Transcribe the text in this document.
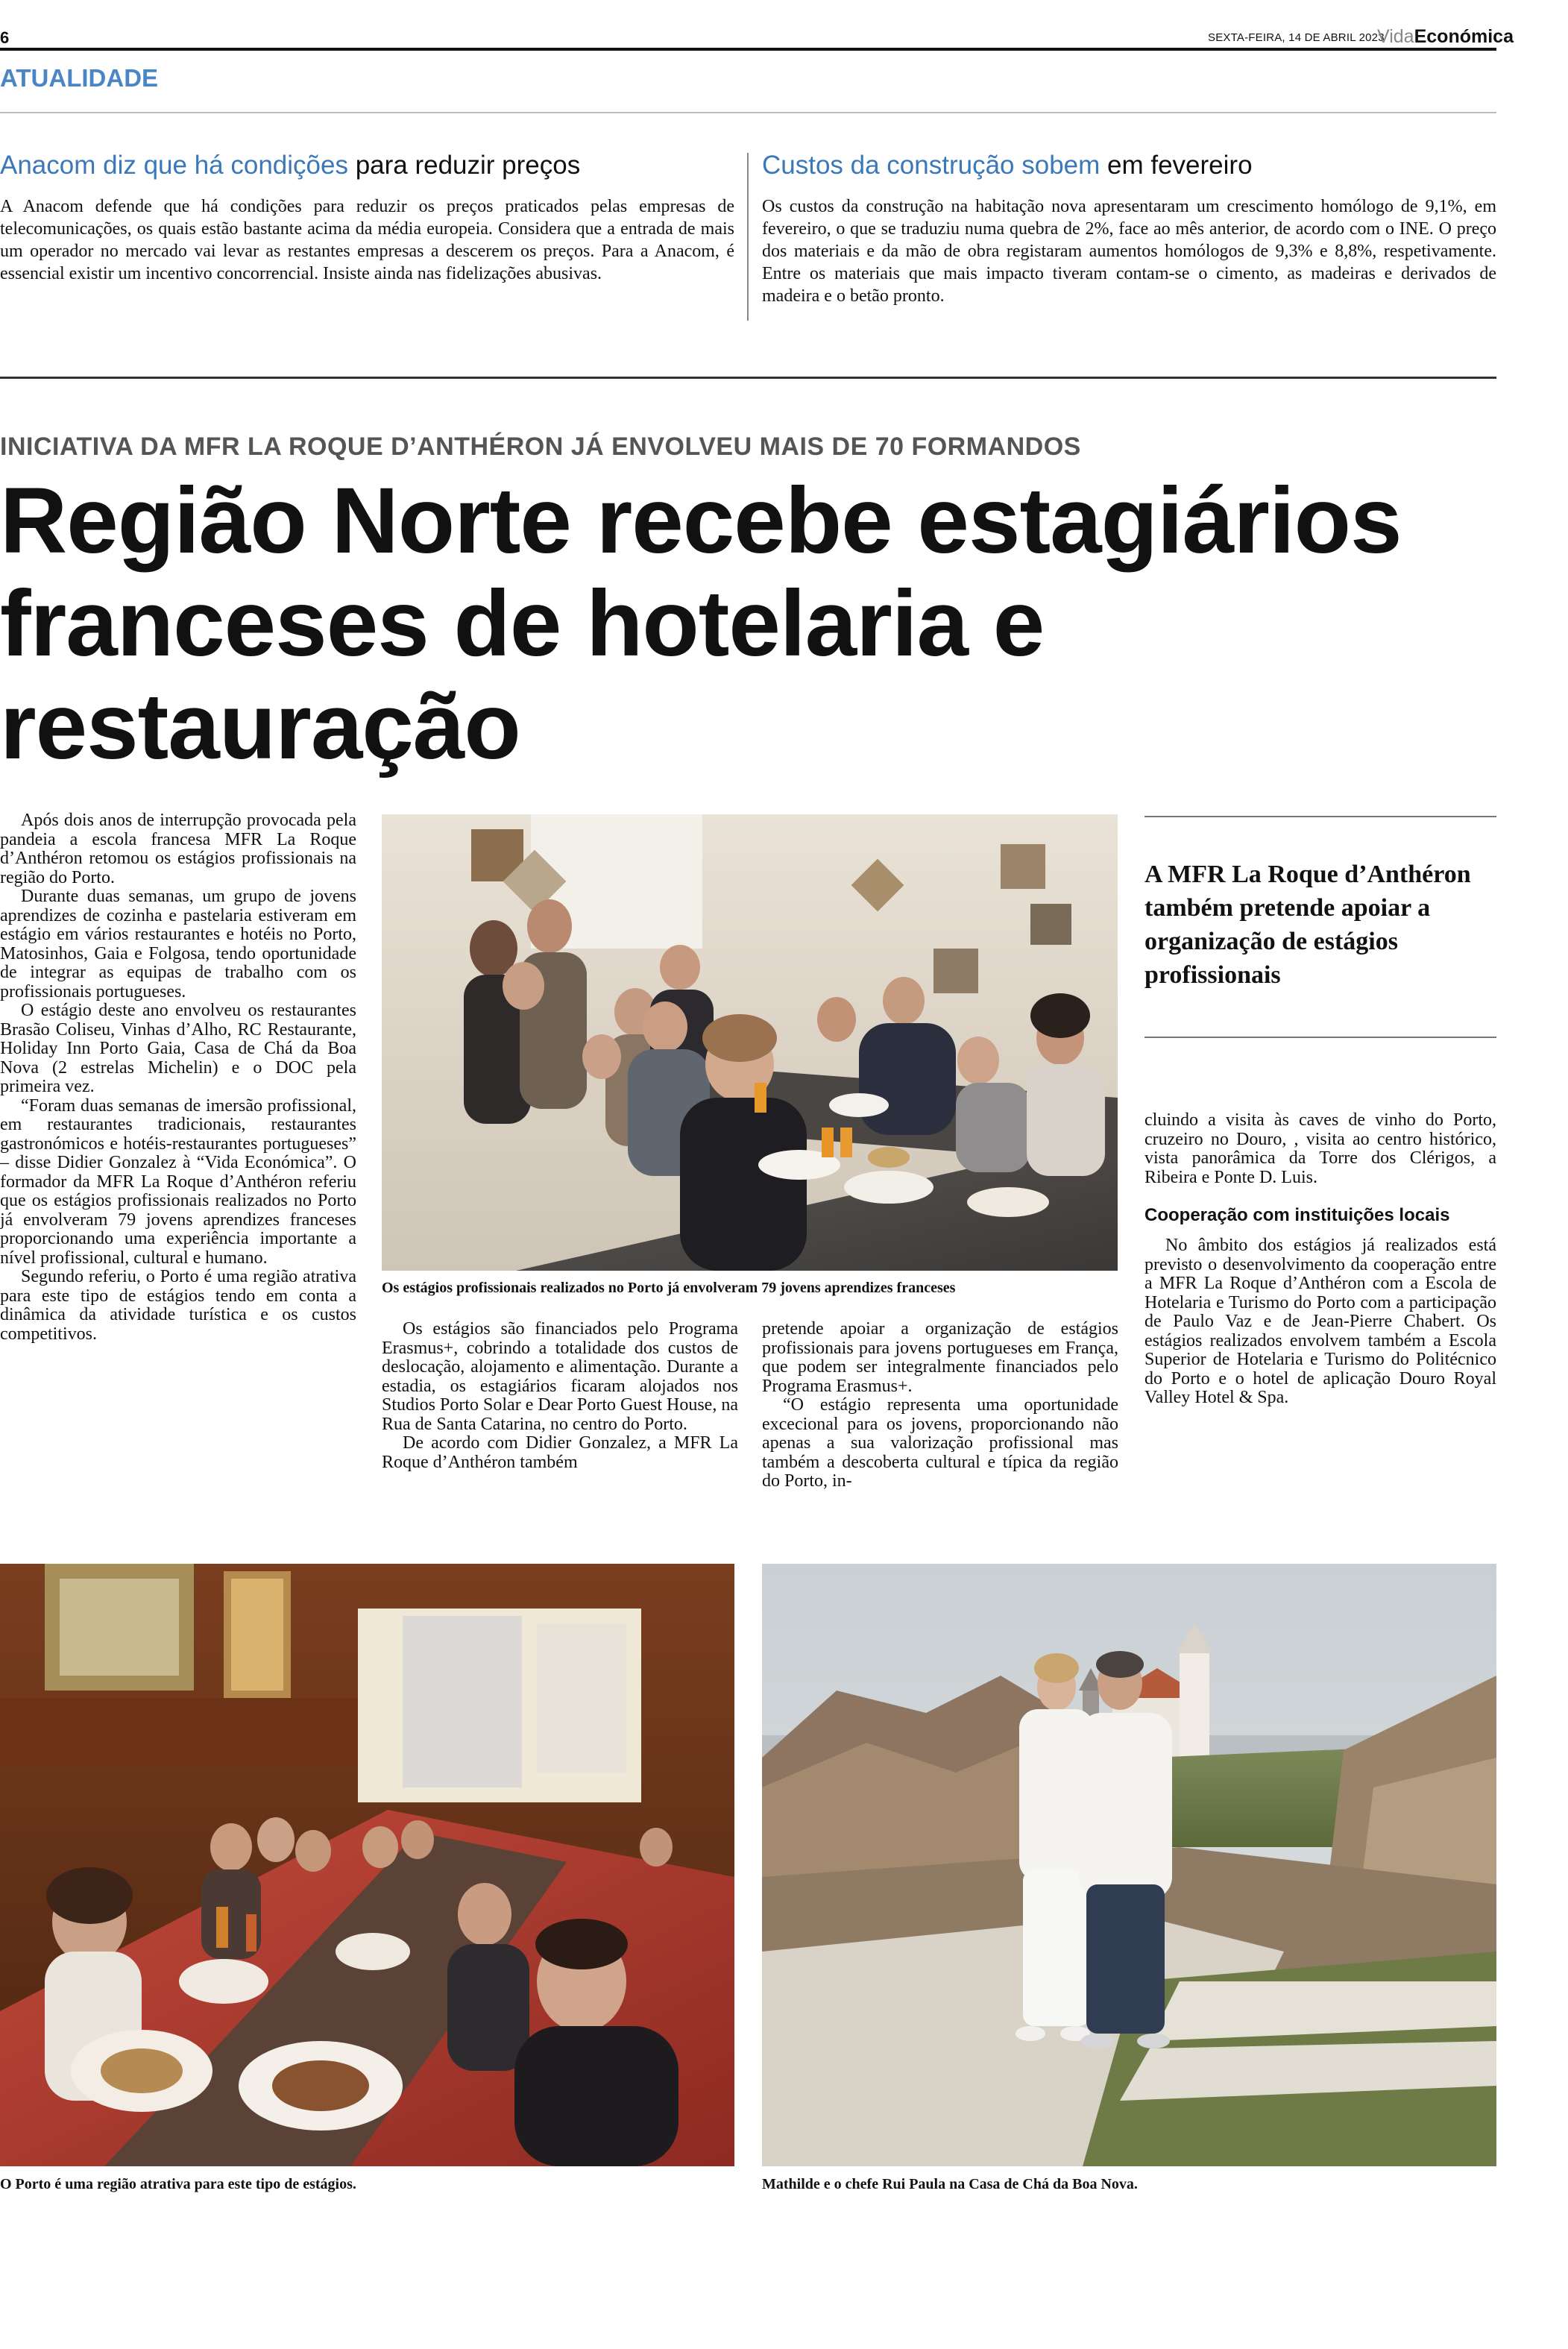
6	SEXTA-FEIRA, 14 DE ABRIL 2023
VidaEconómica
ATUALIDADE
Anacom diz que há condições para reduzir preços
A Anacom defende que há condições para reduzir os preços praticados pelas empresas de telecomunicações, os quais estão bastante acima da média europeia. Considera que a entrada de mais um operador no mercado vai levar as restantes empresas a descerem os preços. Para a Anacom, é essencial existir um incentivo concorrencial. Insiste ainda nas fidelizações abusivas.
Custos da construção sobem em fevereiro
Os custos da construção na habitação nova apresentaram um crescimento homólogo de 9,1%, em fevereiro, o que se traduziu numa quebra de 2%, face ao mês anterior, de acordo com o INE. O preço dos materiais e da mão de obra registaram aumentos homólogos de 9,3% e 8,8%, respetivamente. Entre os materiais que mais impacto tiveram contam-se o cimento, as madeiras e derivados de madeira e o betão pronto.
INICIATIVA DA MFR LA ROQUE D’ANTHÉRON JÁ ENVOLVEU MAIS DE 70 FORMANDOS
Região Norte recebe estagiários franceses de hotelaria e restauração

Após dois anos de interrupção provocada pela pandeia a escola francesa MFR La Roque d’Anthéron retomou os estágios profissionais na região do Porto.

Durante duas semanas, um grupo de jovens aprendizes de cozinha e pastelaria estiveram em estágio em vários restaurantes e hotéis no Porto, Matosinhos, Gaia e Folgosa, tendo oportunidade de integrar as equipas de trabalho com os profissionais portugueses.

O estágio deste ano envolveu os restaurantes Brasão Coliseu, Vinhas d’Alho, RC Restaurante, Holiday Inn Porto Gaia, Casa de Chá da Boa Nova (2 estrelas Michelin) e o DOC pela primeira vez.

“Foram duas semanas de imersão profissional, em restaurantes tradicionais, restaurantes gastronómicos e hotéis-restaurantes portugueses” – disse Didier Gonzalez à “Vida Económica”. O formador da MFR La Roque d’Anthéron referiu que os estágios profissionais realizados no Porto já envolveram 79 jovens aprendizes franceses proporcionando uma experiência importante a nível profissional, cultural e humano.

Segundo referiu, o Porto é uma região atrativa para este tipo de estágios tendo em conta a dinâmica da atividade turística e os custos competitivos.	Os estágios são financiados pelo Programa Erasmus+, cobrindo a totalidade dos custos de deslocação, alojamento e alimentação. Durante a estadia, os estagiários ficaram alojados nos Studios Porto Solar e Dear Porto Guest House, na Rua de Santa Catarina, no centro do Porto.

De acordo com Didier Gonzalez, a MFR La Roque d’Anthéron também

pretende apoiar a organização de estágios profissionais para jovens portugueses em França, que podem ser integralmente financiados pelo Programa Erasmus+.

“O estágio representa uma oportunidade excecional para os jovens, proporcionando não apenas a sua valorização profissional mas também a descoberta cultural e típica da região do Porto, in-

A MFR La Roque d’Anthéron também pretende apoiar a organização de estágios profissionais

cluindo a visita às caves de vinho do Porto, cruzeiro no Douro, , visita ao centro histórico, vista panorâmica da Torre dos Clérigos, a Ribeira e Ponte D. Luis.

Cooperação com instituições locais

No âmbito dos estágios já realizados está previsto o desenvolvimento da cooperação entre a MFR La Roque d’Anthéron com a Escola de Hotelaria e Turismo do Porto com a participação de Paulo Vaz e de Jean-Pierre Chabert. Os estágios realizados envolvem também a Escola Superior de Hotelaria e Turismo do Politécnico do Porto e o hotel de aplicação Douro Royal Valley Hotel & Spa.

Os estágios profissionais realizados no Porto já envolveram 79 jovens aprendizes franceses
O Porto é uma região atrativa para este tipo de estágios.	Mathilde e o chefe Rui Paula na Casa de Chá da Boa Nova.
